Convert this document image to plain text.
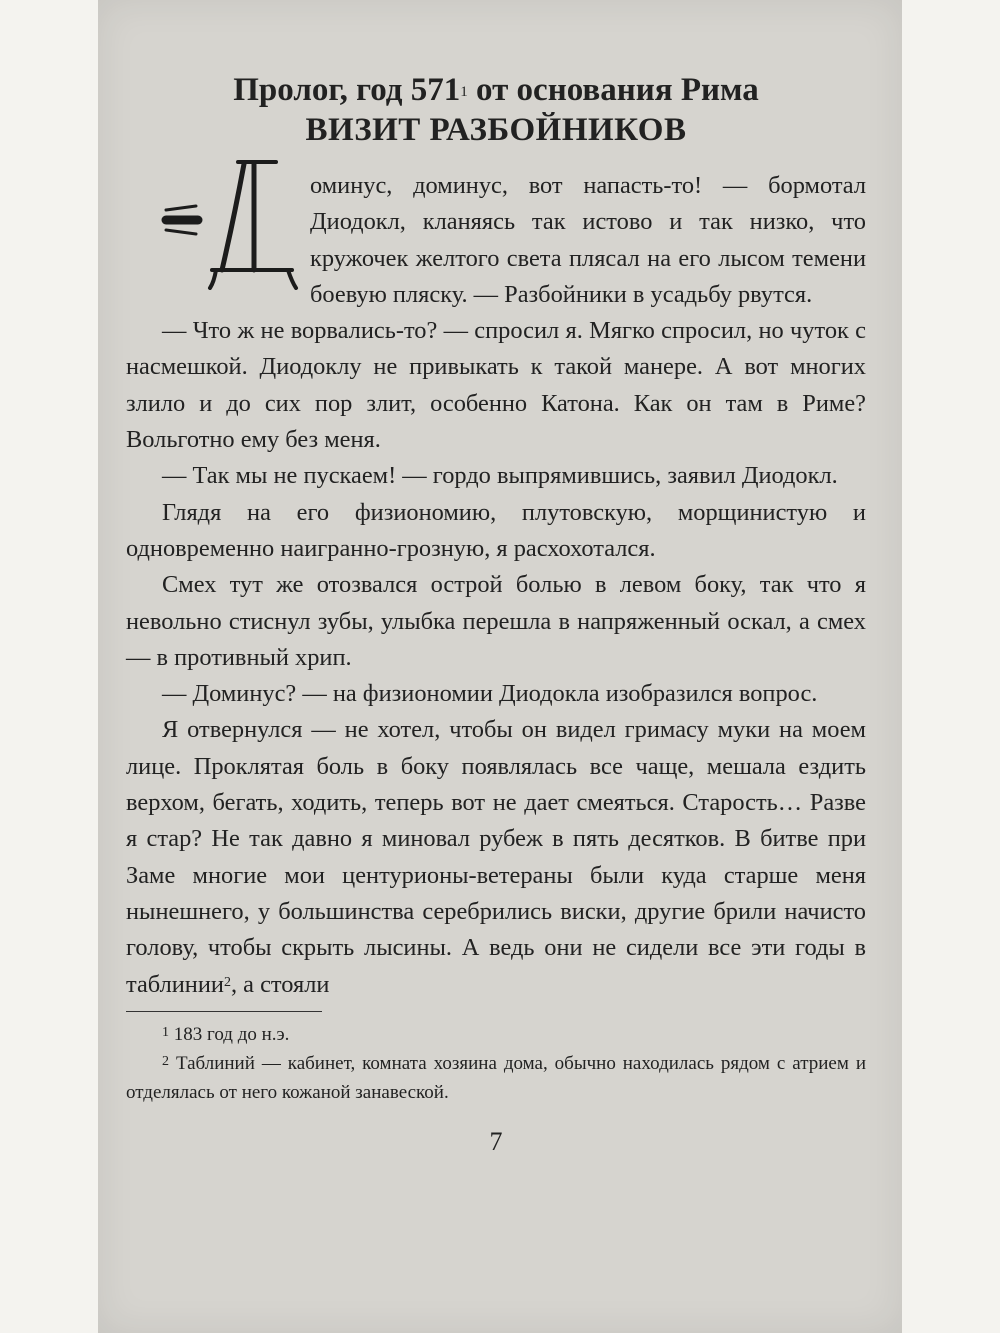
Пролог, год $571^1$ от основания Рима
ВИЗИТ РАЗБОЙНИКОВ

оминус, доминус, вот напасть-то! — бормотал Диодокл, кланяясь так истово и так низко, что кружочек желтого света плясал на его лысом темени боевую пляску. — Разбойники в усадьбу рвутся.

— Что ж не ворвались-то? — спросил я. Мягко спросил, но чуток с насмешкой. Диодоклу не привыкать к такой манере. А вот многих злило и до сих пор злит, особенно Катона. Как он там в Риме? Вольготно ему без меня.

— Так мы не пускаем! — гордо выпрямившись, заявил Диодокл.

Глядя на его физиономию, плутовскую, морщинистую и одновременно наигранно-грозную, я расхохотался.

Смех тут же отозвался острой болью в левом боку, так что я невольно стиснул зубы, улыбка перешла в напряженный оскал, а смех — в противный хрип.

— Доминус? — на физиономии Диодокла изобразился вопрос.

Я отвернулся — не хотел, чтобы он видел гримасу муки на моем лице. Проклятая боль в боку появлялась все чаще, мешала ездить верхом, бегать, ходить, теперь вот не дает смеяться. Старость… Разве я стар? Не так давно я миновал рубеж в пять десятков. В битве при Заме многие мои центурионы-ветераны были куда старше меня нынешнего, у большинства серебрились виски, другие брили начисто голову, чтобы скрыть лысины. А ведь они не сидели все эти годы в таблинии$^2$, а стояли

$^1$ 183 год до н.э.

$^2$ Таблиний — кабинет, комната хозяина дома, обычно находилась рядом с атрием и отделялась от него кожаной занавеской.

7
